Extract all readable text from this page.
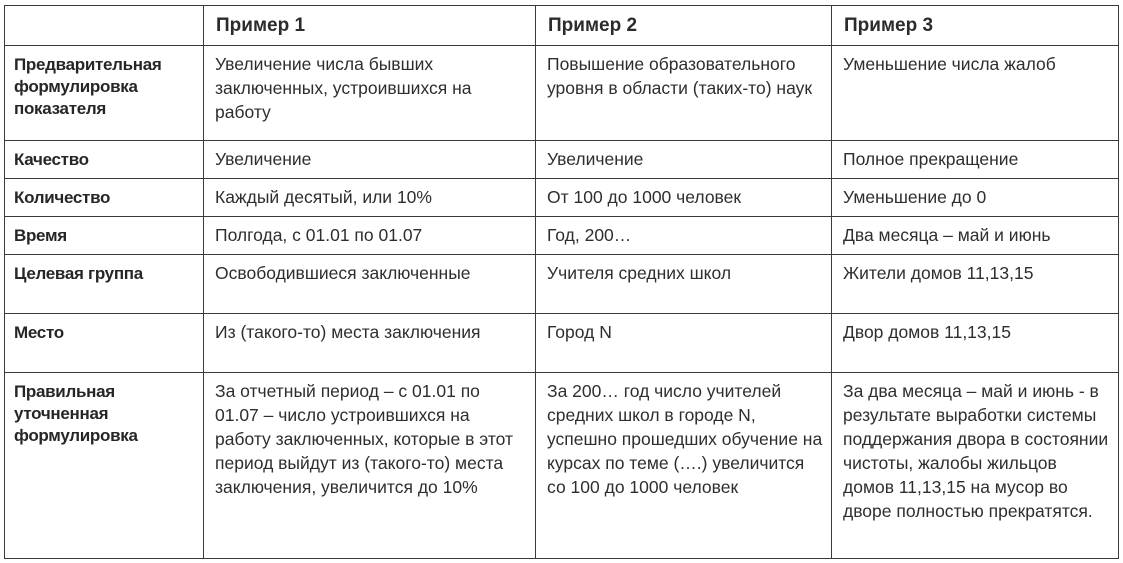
	Пример 1	Пример 2	Пример 3
Предварительная формулировка показателя	Увеличение числа бывших заключенных, устроившихся на работу	Повышение образовательного уровня в области (таких-то) наук	Уменьшение числа жалоб
Качество	Увеличение	Увеличение	Полное прекращение
Количество	Каждый десятый, или 10%	От 100 до 1000 человек	Уменьшение до 0
Время	Полгода, с 01.01 по 01.07	Год, 200…	Два месяца – май и июнь
Целевая группа	Освободившиеся заключенные	Учителя средних школ	Жители домов 11,13,15
Место	Из (такого-то) места заключения	Город N	Двор домов 11,13,15
Правильная уточненная формулировка	За отчетный период – с 01.01 по 01.07 – число устроившихся на работу заключенных, которые в этот период выйдут из (такого-то) места заключения, увеличится до 10%	За 200… год число учителей средних школ в городе N, успешно прошедших обучение на курсах по теме (….) увеличится со 100 до 1000 человек	За два месяца – май и июнь - в результате выработки системы поддержания двора в состоянии чистоты, жалобы жильцов домов 11,13,15 на мусор во дворе полностью прекратятся.
